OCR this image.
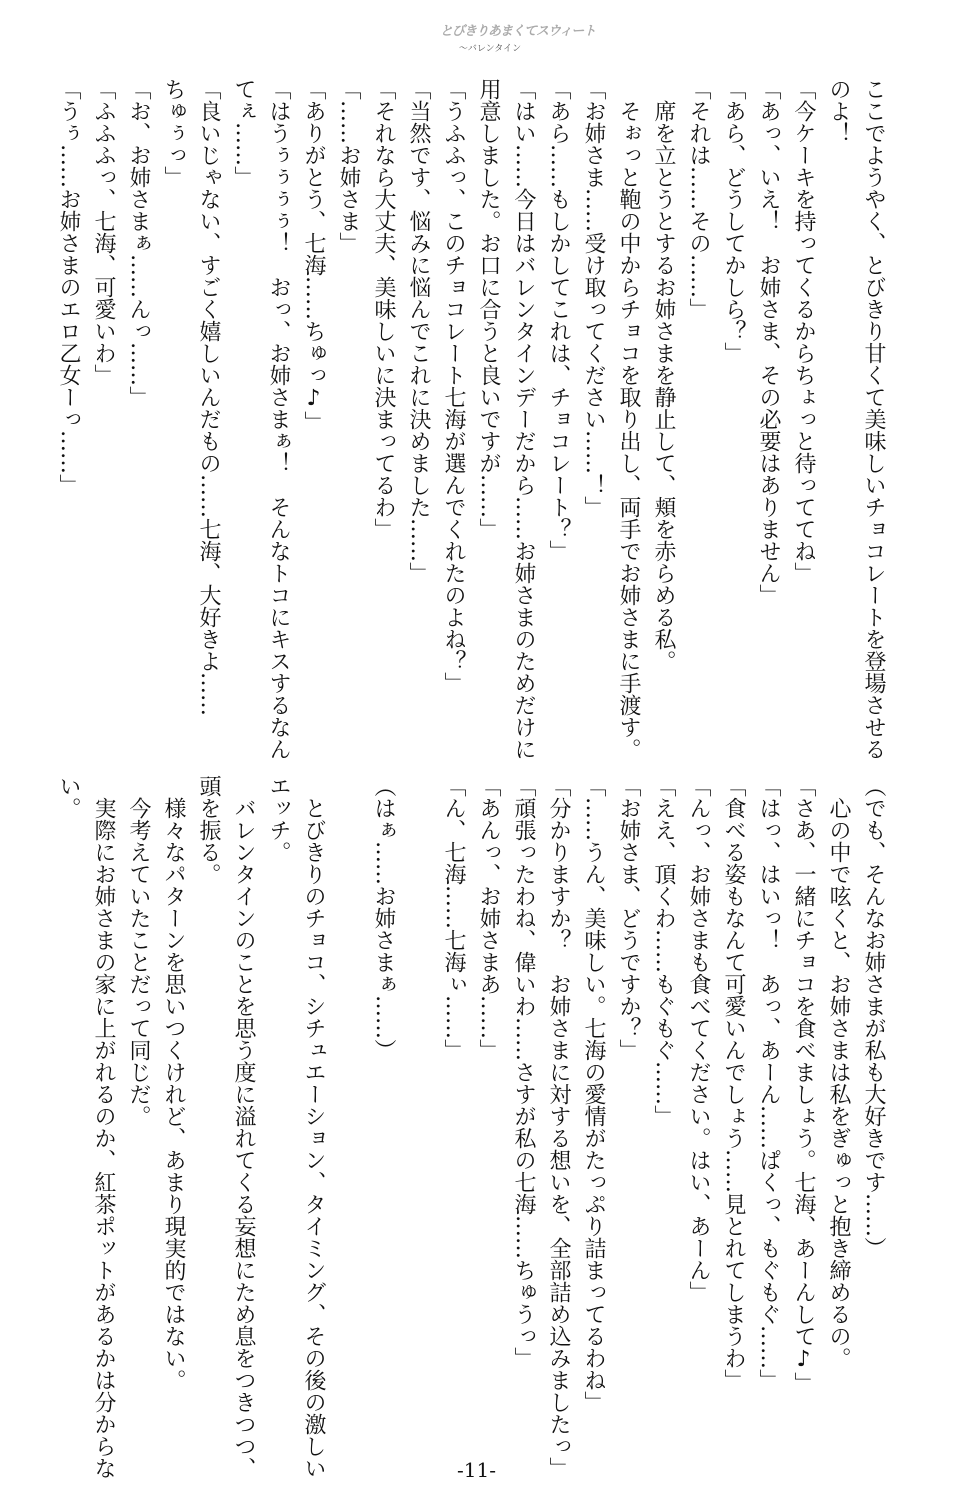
とびきりあまくてスウィート
～バレンタイン
ここでようやく、とびきり甘くて美味しいチョコレートを登場させる
のよ！
「今ケーキを持ってくるからちょっと待っててね」
「あっ、いえ！　お姉さま、その必要はありません」
「あら、どうしてかしら？」
「それは……その……」
　席を立とうとするお姉さまを静止して、頬を赤らめる私。
　そぉっと鞄の中からチョコを取り出し、両手でお姉さまに手渡す。
「お姉さま……受け取ってください……！」
「あら……もしかしてこれは、チョコレート？」
「はい……今日はバレンタインデーだから……お姉さまのためだけに
用意しました。お口に合うと良いですが……」
「うふふっ、このチョコレート七海が選んでくれたのよね？」
「当然です、悩みに悩んでこれに決めました……」
「それなら大丈夫、美味しいに決まってるわ」
「……お姉さま」
「ありがとう、七海……ちゅっ♪」
「はうぅぅぅぅ！　おっ、お姉さまぁ！　そんなトコにキスするなん
てぇ……」
「良いじゃない、すごく嬉しいんだもの……七海、大好きよ……
ちゅぅっ」
「お、お姉さまぁ……んっ……」
「ふふふっ、七海、可愛いわ」
「うぅ……お姉さまのエロ乙女ーっ……」
（でも、そんなお姉さまが私も大好きです……）
　心の中で呟くと、お姉さまは私をぎゅっと抱き締めるの。
「さあ、一緒にチョコを食べましょう。七海、あーんして♪」
「はっ、はいっ！　あっ、あーん……ぱくっ、もぐもぐ……」
「食べる姿もなんて可愛いんでしょう……見とれてしまうわ」
「んっ、お姉さまも食べてください。はい、あーん」
「ええ、頂くわ……もぐもぐ……」
「お姉さま、どうですか？」
「……うん、美味しい。七海の愛情がたっぷり詰まってるわね」
「分かりますか？　お姉さまに対する想いを、全部詰め込みましたっ」
「頑張ったわね、偉いわ……さすが私の七海……ちゅうっ」
「あんっ、お姉さまあ……」
「ん、七海……七海ぃ……」
（はぁ……お姉さまぁ……）
　とびきりのチョコ、シチュエーション、タイミング、その後の激しい
エッチ。
　バレンタインのことを思う度に溢れてくる妄想にため息をつきつつ、
頭を振る。
　様々なパターンを思いつくけれど、あまり現実的ではない。
　今考えていたことだって同じだ。
　実際にお姉さまの家に上がれるのか、紅茶ポットがあるかは分からな
い。
-11-
